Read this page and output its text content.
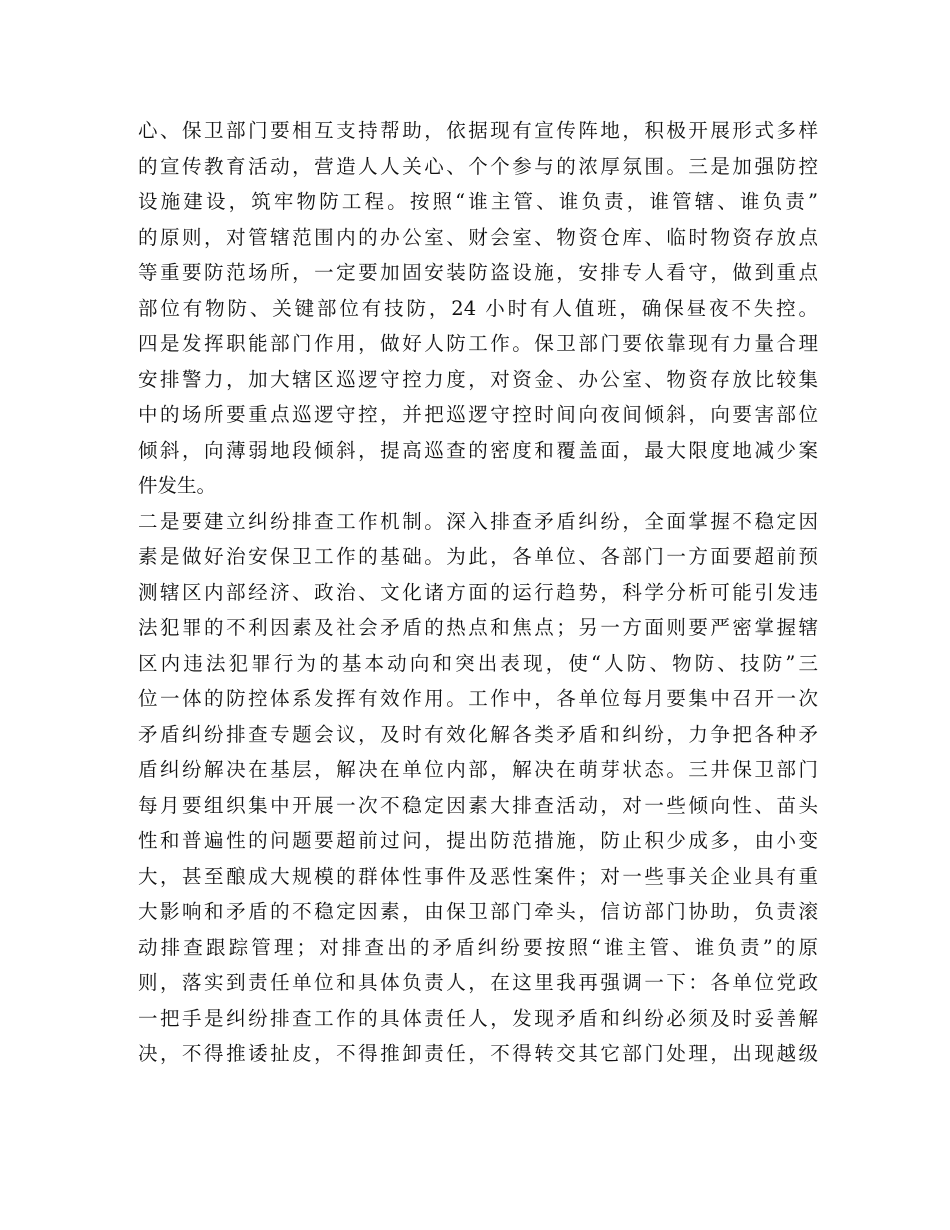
心、保卫部门要相互支持帮助，依据现有宣传阵地，积极开展形式多样
的宣传教育活动，营造人人关心、个个参与的浓厚氛围。三是加强防控
设施建设，筑牢物防工程。按照“谁主管、谁负责，谁管辖、谁负责”
的原则，对管辖范围内的办公室、财会室、物资仓库、临时物资存放点
等重要防范场所，一定要加固安装防盗设施，安排专人看守，做到重点
部位有物防、关键部位有技防，24 小时有人值班，确保昼夜不失控。
四是发挥职能部门作用，做好人防工作。保卫部门要依靠现有力量合理
安排警力，加大辖区巡逻守控力度，对资金、办公室、物资存放比较集
中的场所要重点巡逻守控，并把巡逻守控时间向夜间倾斜，向要害部位
倾斜，向薄弱地段倾斜，提高巡查的密度和覆盖面，最大限度地减少案
件发生。
二是要建立纠纷排查工作机制。深入排查矛盾纠纷，全面掌握不稳定因
素是做好治安保卫工作的基础。为此，各单位、各部门一方面要超前预
测辖区内部经济、政治、文化诸方面的运行趋势，科学分析可能引发违
法犯罪的不利因素及社会矛盾的热点和焦点；另一方面则要严密掌握辖
区内违法犯罪行为的基本动向和突出表现，使“人防、物防、技防”三
位一体的防控体系发挥有效作用。工作中，各单位每月要集中召开一次
矛盾纠纷排查专题会议，及时有效化解各类矛盾和纠纷，力争把各种矛
盾纠纷解决在基层，解决在单位内部，解决在萌芽状态。三井保卫部门
每月要组织集中开展一次不稳定因素大排查活动，对一些倾向性、苗头
性和普遍性的问题要超前过问，提出防范措施，防止积少成多，由小变
大，甚至酿成大规模的群体性事件及恶性案件；对一些事关企业具有重
大影响和矛盾的不稳定因素，由保卫部门牵头，信访部门协助，负责滚
动排查跟踪管理；对排查出的矛盾纠纷要按照“谁主管、谁负责”的原
则，落实到责任单位和具体负责人，在这里我再强调一下：各单位党政
一把手是纠纷排查工作的具体责任人，发现矛盾和纠纷必须及时妥善解
决，不得推诿扯皮，不得推卸责任，不得转交其它部门处理，出现越级
